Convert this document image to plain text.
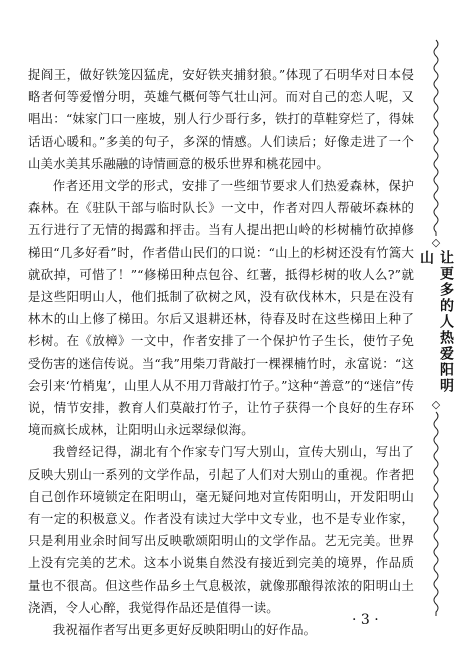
捉阎王，做好铁笼囚猛虎，安好铁夹捕豺狼。”体现了石明华对日本侵略者何等爱憎分明，英雄气概何等气壮山河。而对自己的恋人呢，又唱出：“妹家门口一座坡，别人行少哥行多，铁打的草鞋穿烂了，得妹话语心暖和。”多美的句子，多深的情感。人们读后；好像走进了一个山美水美其乐融融的诗情画意的极乐世界和桃花园中。

作者还用文学的形式，安排了一些细节要求人们热爱森林，保护森林。在《驻队干部与临时队长》一文中，作者对四人帮破坏森林的五行进行了无情的揭露和抨击。当有人提出把山岭的杉树楠竹砍掉修梯田“几多好看”时，作者借山民们的口说：“山上的杉树还没有竹篙大就砍掉，可惜了！”“修梯田种点包谷、红薯，抵得杉树的收人么?”就是这些阳明山人，他们抵制了砍树之风，没有砍伐林木，只是在没有林木的山上修了梯田。尔后又退耕还林，待春及时在这些梯田上种了杉树。在《放樟》一文中，作者安排了一个保护竹子生长，使竹子免受伤害的迷信传说。当“我”用柴刀背敲打一棵裸楠竹时，永富说：“这会引来‘竹梢鬼’，山里人从不用刀背敲打竹子。”这种“善意”的“迷信”传说，情节安排，教育人们莫敲打竹子，让竹子获得一个良好的生存环境而疯长成林，让阳明山永远翠绿似海。

我曾经记得，湖北有个作家专门写大别山，宣传大别山，写出了反映大别山一系列的文学作品，引起了人们对大别山的重视。作者把自己创作环境锁定在阳明山，毫无疑问地对宣传阳明山，开发阳明山有一定的积极意义。作者没有读过大学中文专业，也不是专业作家，只是利用业余时间写出反映歌颂阳明山的文学作品。艺无完美。世界上没有完美的艺术。这本小说集自然没有接近到完美的境界，作品质量也不很高。但这些作品乡土气息极浓，就像那酿得浓浓的阳明山土浇酒，令人心醉，我觉得作品还是值得一读。

我祝福作者写出更多更好反映阳明山的好作品。

◇
让更多的人热爱阳明山
◇
· 3 ·
